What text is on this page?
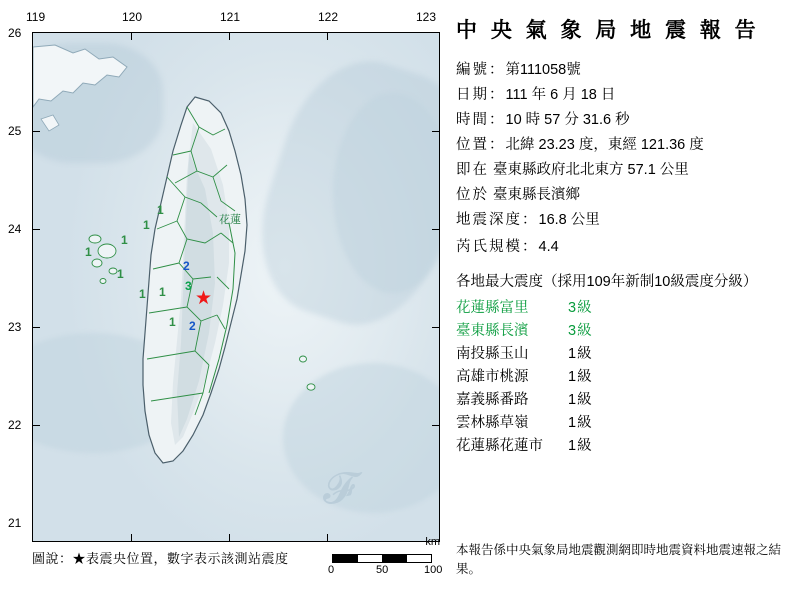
119	120	121	122	123
26
25
24
23
22
21
1
1
1
1
1
1 1
1
2
3
2
花蓮
★
𝓕
圖說：★表震央位置，數字表示該測站震度
km
0	50	100
中 央 氣 象 局 地 震 報 告
編號：第111058號
日期：111 年 6 月 18 日
時間：10 時 57 分 31.6 秒
位置：北緯 23.23 度，東經 121.36 度
即在 臺東縣政府北北東方 57.1 公里
位於 臺東縣長濱鄉
地震深度：16.8 公里
芮氏規模：4.4
各地最大震度（採用109年新制10級震度分級）
花蓮縣富里	3級
臺東縣長濱	3級
南投縣玉山	1級
高雄市桃源	1級
嘉義縣番路	1級
雲林縣草嶺	1級
花蓮縣花蓮市 1級
本報告係中央氣象局地震觀測網即時地震資料地震速報之結果。
